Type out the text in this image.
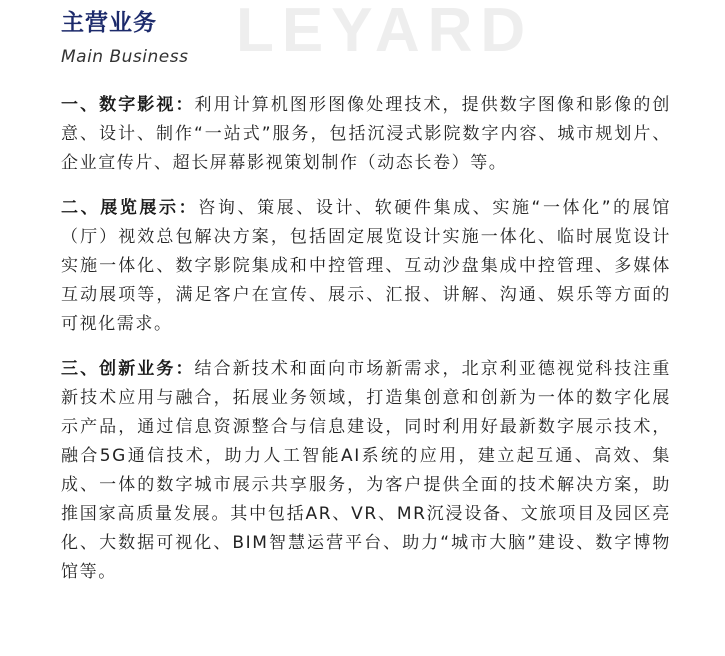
LEYARD
主营业务
Main Business

一、数字影视：利用计算机图形图像处理技术，提供数字图像和影像的创意、设计、制作“一站式”服务，包括沉浸式影院数字内容、城市规划片、企业宣传片、超长屏幕影视策划制作（动态长卷）等。

二、展览展示：咨询、策展、设计、软硬件集成、实施“一体化”的展馆（厅）视效总包解决方案，包括固定展览设计实施一体化、临时展览设计实施一体化、数字影院集成和中控管理、互动沙盘集成中控管理、多媒体互动展项等，满足客户在宣传、展示、汇报、讲解、沟通、娱乐等方面的可视化需求。

三、创新业务：结合新技术和面向市场新需求，北京利亚德视觉科技注重新技术应用与融合，拓展业务领域，打造集创意和创新为一体的数字化展示产品，通过信息资源整合与信息建设，同时利用好最新数字展示技术，融合5G通信技术，助力人工智能AI系统的应用，建立起互通、高效、集成、一体的数字城市展示共享服务，为客户提供全面的技术解决方案，助推国家高质量发展。其中包括AR、VR、MR沉浸设备、文旅项目及园区亮化、大数据可视化、BIM智慧运营平台、助力“城市大脑”建设、数字博物馆等。
